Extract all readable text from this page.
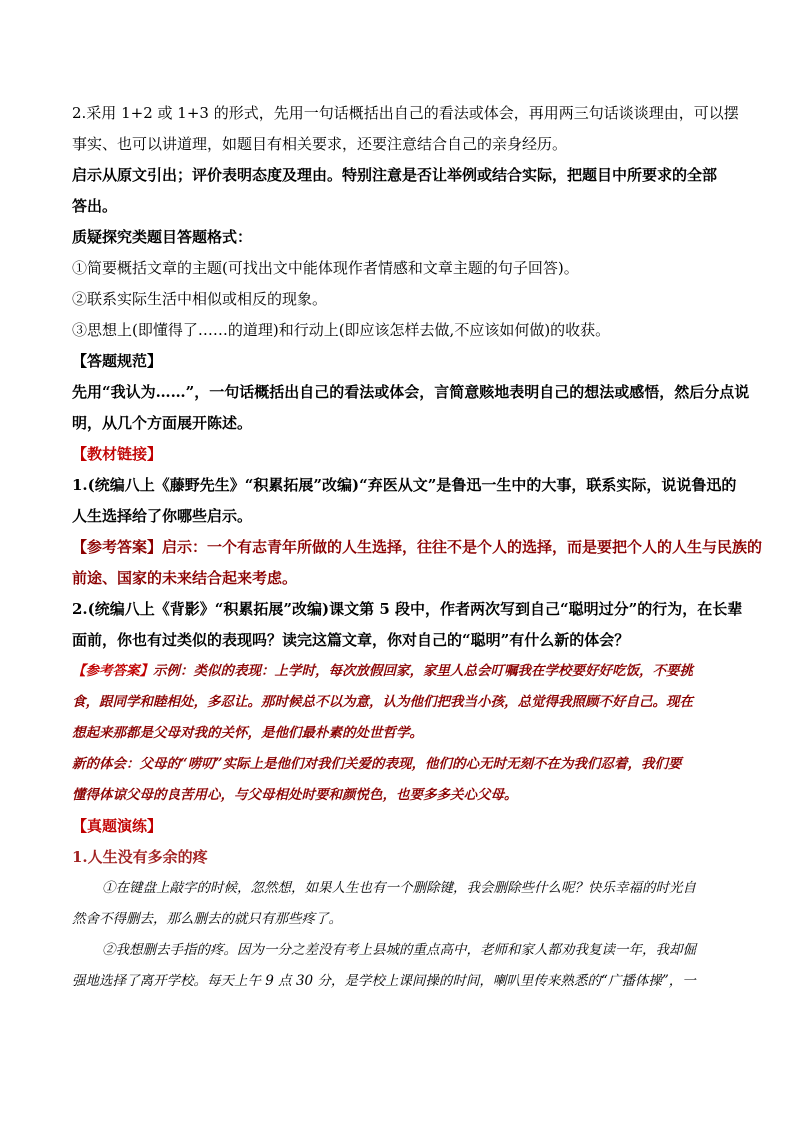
2.采用 1+2 或 1+3 的形式，先用一句话概括出自己的看法或体会，再用两三句话谈谈理由，可以摆
事实、也可以讲道理，如题目有相关要求，还要注意结合自己的亲身经历。
启示从原文引出；评价表明态度及理由。特别注意是否让举例或结合实际，把题目中所要求的全部
答出。
质疑探究类题目答题格式：
①简要概括文章的主题(可找出文中能体现作者情感和文章主题的句子回答)。
②联系实际生活中相似或相反的现象。
③思想上(即懂得了……的道理)和行动上(即应该怎样去做,不应该如何做)的收获。
【答题规范】
先用“我认为……”，一句话概括出自己的看法或体会，言简意赅地表明自己的想法或感悟，然后分点说
明，从几个方面展开陈述。
【教材链接】
1.(统编八上《藤野先生》“积累拓展”改编)“弃医从文”是鲁迅一生中的大事，联系实际，说说鲁迅的
人生选择给了你哪些启示。
【参考答案】启示：一个有志青年所做的人生选择，往往不是个人的选择，而是要把个人的人生与民族的
前途、国家的未来结合起来考虑。
2.(统编八上《背影》“积累拓展”改编)课文第 5 段中，作者两次写到自己“聪明过分”的行为，在长辈
面前，你也有过类似的表现吗？读完这篇文章，你对自己的“聪明”有什么新的体会？
【参考答案】示例：类似的表现：上学时，每次放假回家，家里人总会叮嘱我在学校要好好吃饭，不要挑
食，跟同学和睦相处，多忍让。那时候总不以为意，认为他们把我当小孩，总觉得我照顾不好自己。现在
想起来那都是父母对我的关怀，是他们最朴素的处世哲学。
新的体会：父母的“唠叨”实际上是他们对我们关爱的表现，他们的心无时无刻不在为我们忍着，我们要
懂得体谅父母的良苦用心，与父母相处时要和颜悦色，也要多多关心父母。
【真题演练】
1.人生没有多余的疼
①在键盘上敲字的时候，忽然想，如果人生也有一个删除键，我会删除些什么呢？快乐幸福的时光自
然舍不得删去，那么删去的就只有那些疼了。
②我想删去手指的疼。因为一分之差没有考上县城的重点高中，老师和家人都劝我复读一年，我却倔
强地选择了离开学校。每天上午 9 点 30 分，是学校上课间操的时间，喇叭里传来熟悉的“广播体操”，一
